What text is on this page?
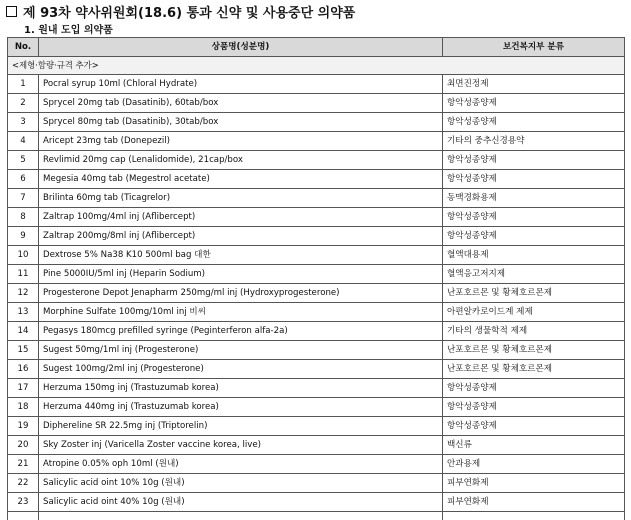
제 93차 약사위원회(18.6) 통과 신약 및 사용중단 의약품
1. 원내 도입 의약품
No.	상품명(성분명)	보건복지부 분류
<제형·함량·규격 추가>		
1	Pocral syrup 10ml (Chloral Hydrate)	최면진정제
2	Sprycel 20mg tab (Dasatinib), 60tab/box	항악성종양제
3	Sprycel 80mg tab (Dasatinib), 30tab/box	항악성종양제
4	Aricept 23mg tab (Donepezil)	기타의 중추신경용약
5	Revlimid 20mg cap (Lenalidomide), 21cap/box	항악성종양제
6	Megesia 40mg tab (Megestrol acetate)	항악성종양제
7	Brilinta 60mg tab (Ticagrelor)	동맥경화용제
8	Zaltrap 100mg/4ml inj (Aflibercept)	항악성종양제
9	Zaltrap 200mg/8ml inj (Aflibercept)	항악성종양제
10	Dextrose 5% Na38 K10 500ml bag 대한	혈액대용제
11	Pine 5000IU/5ml inj (Heparin Sodium)	혈액응고저지제
12	Progesterone Depot Jenapharm 250mg/ml inj (Hydroxyprogesterone)	난포호르몬 및 황체호르몬제
13	Morphine Sulfate 100mg/10ml inj 비씨	아편알카로이드계 제제
14	Pegasys 180mcg prefilled syringe (Peginterferon alfa-2a)	기타의 생물학적 제제
15	Sugest 50mg/1ml inj (Progesterone)	난포호르몬 및 황체호르몬제
16	Sugest 100mg/2ml inj (Progesterone)	난포호르몬 및 황체호르몬제
17	Herzuma 150mg inj (Trastuzumab korea)	항악성종양제
18	Herzuma 440mg inj (Trastuzumab korea)	항악성종양제
19	Diphereline SR 22.5mg inj (Triptorelin)	항악성종양제
20	Sky Zoster inj (Varicella Zoster vaccine korea, live)	백신류
21	Atropine 0.05% oph 10ml (원내)	안과용제
22	Salicylic acid oint 10% 10g (원내)	피부연화제
23	Salicylic acid oint 40% 10g (원내)	피부연화제
